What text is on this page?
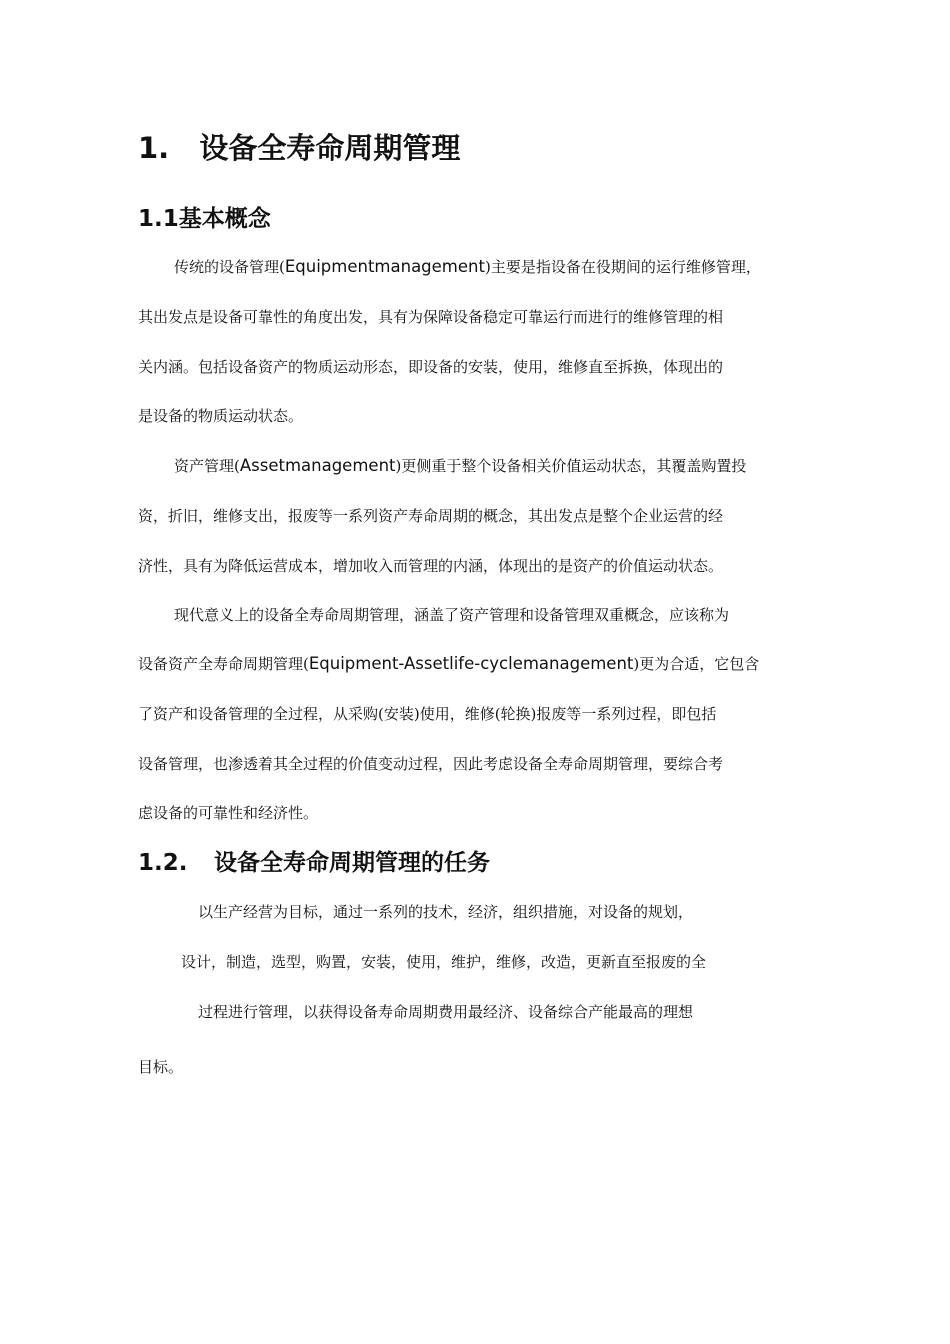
1. 设备全寿命周期管理
1.1基本概念
传统的设备管理(Equipmentmanagement)主要是指设备在役期间的运行维修管理，
其出发点是设备可靠性的角度出发，具有为保障设备稳定可靠运行而进行的维修管理的相
关内涵。包括设备资产的物质运动形态，即设备的安装，使用，维修直至拆换，体现出的
是设备的物质运动状态。
资产管理(Assetmanagement)更侧重于整个设备相关价值运动状态，其覆盖购置投
资，折旧，维修支出，报废等一系列资产寿命周期的概念，其出发点是整个企业运营的经
济性，具有为降低运营成本，增加收入而管理的内涵，体现出的是资产的价值运动状态。
现代意义上的设备全寿命周期管理，涵盖了资产管理和设备管理双重概念，应该称为
设备资产全寿命周期管理(Equipment-Assetlife-cyclemanagement)更为合适，它包含
了资产和设备管理的全过程，从采购(安装)使用，维修(轮换)报废等一系列过程，即包括
设备管理，也渗透着其全过程的价值变动过程，因此考虑设备全寿命周期管理，要综合考
虑设备的可靠性和经济性。
1.2. 设备全寿命周期管理的任务
以生产经营为目标，通过一系列的技术，经济，组织措施，对设备的规划，
设计，制造，选型，购置，安装，使用，维护，维修，改造，更新直至报废的全
过程进行管理，以获得设备寿命周期费用最经济、设备综合产能最高的理想
目标。
